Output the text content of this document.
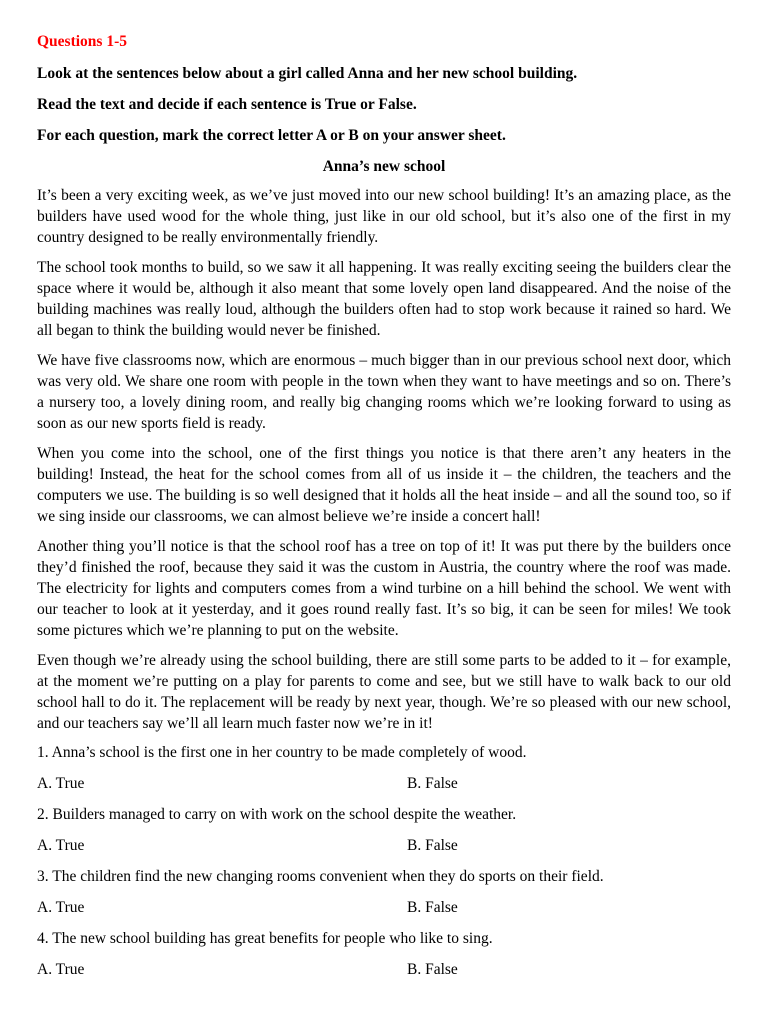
Questions 1-5
Look at the sentences below about a girl called Anna and her new school building.
Read the text and decide if each sentence is True or False.
For each question, mark the correct letter A or B on your answer sheet.
Anna’s new school
It’s been a very exciting week, as we’ve just moved into our new school building! It’s an amazing place, as the builders have used wood for the whole thing, just like in our old school, but it’s also one of the first in my country designed to be really environmentally friendly.
The school took months to build, so we saw it all happening. It was really exciting seeing the builders clear the space where it would be, although it also meant that some lovely open land disappeared. And the noise of the building machines was really loud, although the builders often had to stop work because it rained so hard. We all began to think the building would never be finished.
We have five classrooms now, which are enormous – much bigger than in our previous school next door, which was very old. We share one room with people in the town when they want to have meetings and so on. There’s a nursery too, a lovely dining room, and really big changing rooms which we’re looking forward to using as soon as our new sports field is ready.
When you come into the school, one of the first things you notice is that there aren’t any heaters in the building! Instead, the heat for the school comes from all of us inside it – the children, the teachers and the computers we use. The building is so well designed that it holds all the heat inside – and all the sound too, so if we sing inside our classrooms, we can almost believe we’re inside a concert hall!
Another thing you’ll notice is that the school roof has a tree on top of it! It was put there by the builders once they’d finished the roof, because they said it was the custom in Austria, the country where the roof was made. The electricity for lights and computers comes from a wind turbine on a hill behind the school. We went with our teacher to look at it yesterday, and it goes round really fast. It’s so big, it can be seen for miles! We took some pictures which we’re planning to put on the website.
Even though we’re already using the school building, there are still some parts to be added to it – for example, at the moment we’re putting on a play for parents to come and see, but we still have to walk back to our old school hall to do it. The replacement will be ready by next year, though. We’re so pleased with our new school, and our teachers say we’ll all learn much faster now we’re in it!
1. Anna’s school is the first one in her country to be made completely of wood.
A. True	B. False
2. Builders managed to carry on with work on the school despite the weather.
A. True	B. False
3. The children find the new changing rooms convenient when they do sports on their field.
A. True	B. False
4. The new school building has great benefits for people who like to sing.
A. True	B. False
